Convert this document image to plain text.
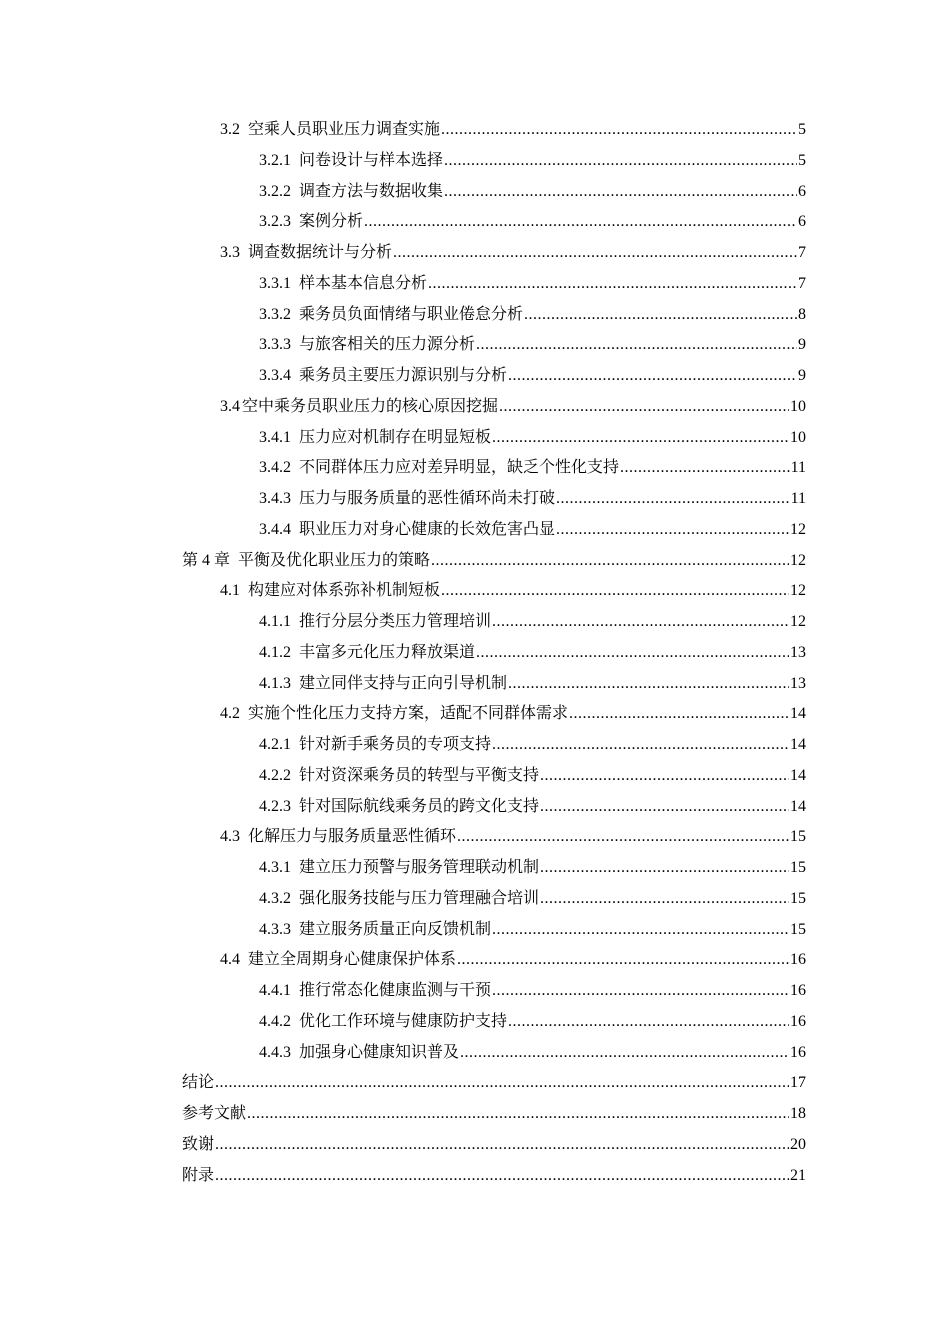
3.2 空乘人员职业压力调查实施 .....	5
3.2.1 问卷设计与样本选择 .....	5
3.2.2 调查方法与数据收集 .....	6
3.2.3 案例分析 .....	6
3.3 调查数据统计与分析 .....	7
3.3.1 样本基本信息分析 .....	7
3.3.2 乘务员负面情绪与职业倦怠分析 .....	8
3.3.3 与旅客相关的压力源分析 .....	9
3.3.4 乘务员主要压力源识别与分析 .....	9
3.4 空中乘务员职业压力的核心原因挖掘 .....	10
3.4.1 压力应对机制存在明显短板 .....	10
3.4.2 不同群体压力应对差异明显，缺乏个性化支持 .....	11
3.4.3 压力与服务质量的恶性循环尚未打破 .....	11
3.4.4 职业压力对身心健康的长效危害凸显 .....	12
第 4 章 平衡及优化职业压力的策略 .....	12
4.1 构建应对体系弥补机制短板 .....	12
4.1.1 推行分层分类压力管理培训 .....	12
4.1.2 丰富多元化压力释放渠道 .....	13
4.1.3 建立同伴支持与正向引导机制 .....	13
4.2 实施个性化压力支持方案，适配不同群体需求 .....	14
4.2.1 针对新手乘务员的专项支持 .....	14
4.2.2 针对资深乘务员的转型与平衡支持 .....	14
4.2.3 针对国际航线乘务员的跨文化支持 .....	14
4.3 化解压力与服务质量恶性循环 .....	15
4.3.1 建立压力预警与服务管理联动机制 .....	15
4.3.2 强化服务技能与压力管理融合培训 .....	15
4.3.3 建立服务质量正向反馈机制 .....	15
4.4 建立全周期身心健康保护体系 .....	16
4.4.1 推行常态化健康监测与干预 .....	16
4.4.2 优化工作环境与健康防护支持 .....	16
4.4.3 加强身心健康知识普及 .....	16
结论 .....	17
参考文献 .....	18
致谢 .....	20
附录 .....	21
